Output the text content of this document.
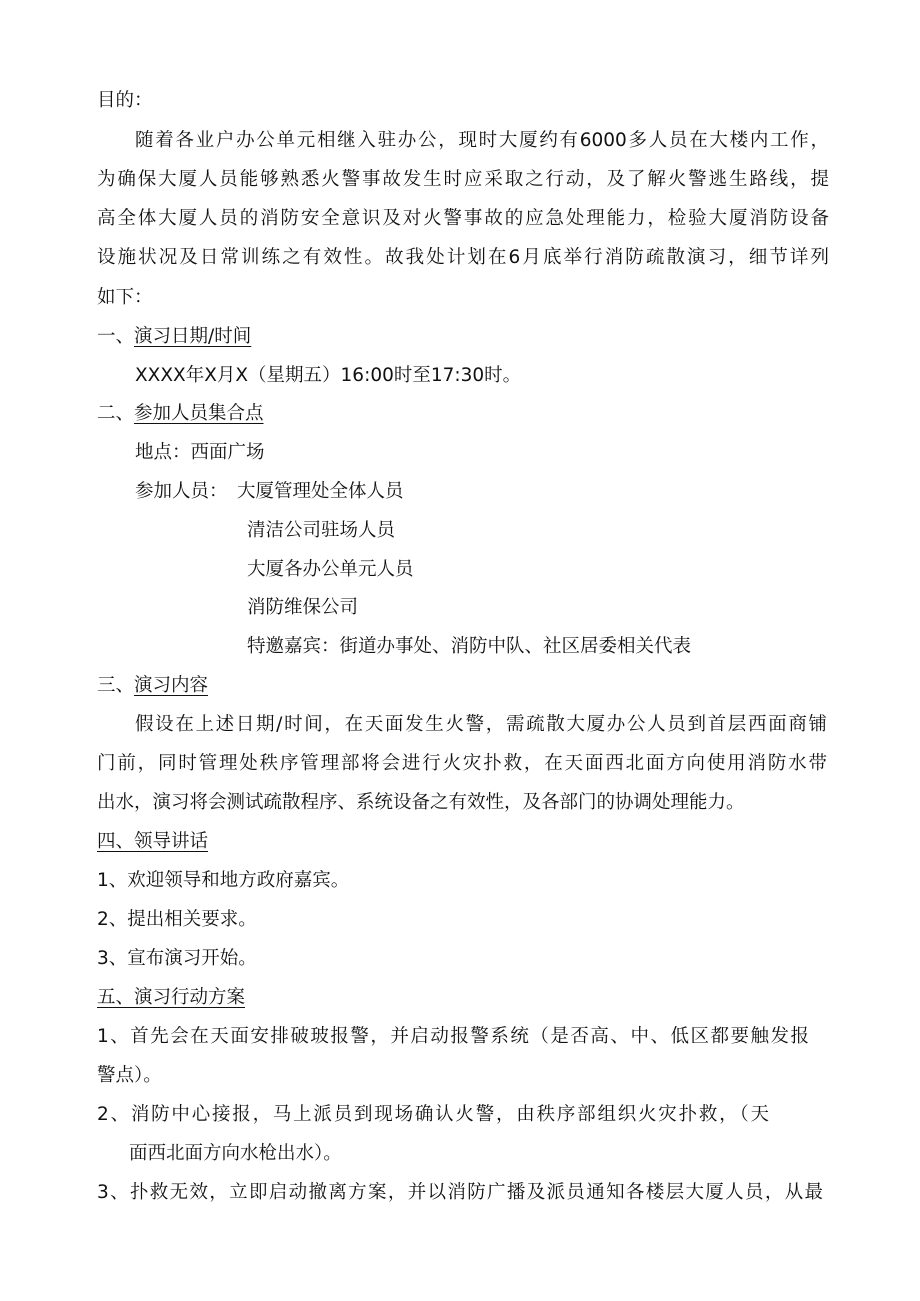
目的：
随着各业户办公单元相继入驻办公，现时大厦约有6000多人员在大楼内工作，
为确保大厦人员能够熟悉火警事故发生时应采取之行动，及了解火警逃生路线，提
高全体大厦人员的消防安全意识及对火警事故的应急处理能力，检验大厦消防设备
设施状况及日常训练之有效性。故我处计划在6月底举行消防疏散演习，细节详列
如下：
一、演习日期/时间
XXXX年X月X（星期五）16:00时至17:30时。
二、参加人员集合点
地点：西面广场
参加人员： 大厦管理处全体人员
清洁公司驻场人员
大厦各办公单元人员
消防维保公司
特邀嘉宾：街道办事处、消防中队、社区居委相关代表
三、演习内容
假设在上述日期/时间，在天面发生火警，需疏散大厦办公人员到首层西面商铺
门前，同时管理处秩序管理部将会进行火灾扑救，在天面西北面方向使用消防水带
出水，演习将会测试疏散程序、系统设备之有效性，及各部门的协调处理能力。
四、领导讲话
1、欢迎领导和地方政府嘉宾。
2、提出相关要求。
3、宣布演习开始。
五、演习行动方案
1、首先会在天面安排破玻报警，并启动报警系统（是否高、中、低区都要触发报
警点）。
2、消防中心接报，马上派员到现场确认火警，由秩序部组织火灾扑救，（天
面西北面方向水枪出水）。
3、扑救无效，立即启动撤离方案，并以消防广播及派员通知各楼层大厦人员，从最
